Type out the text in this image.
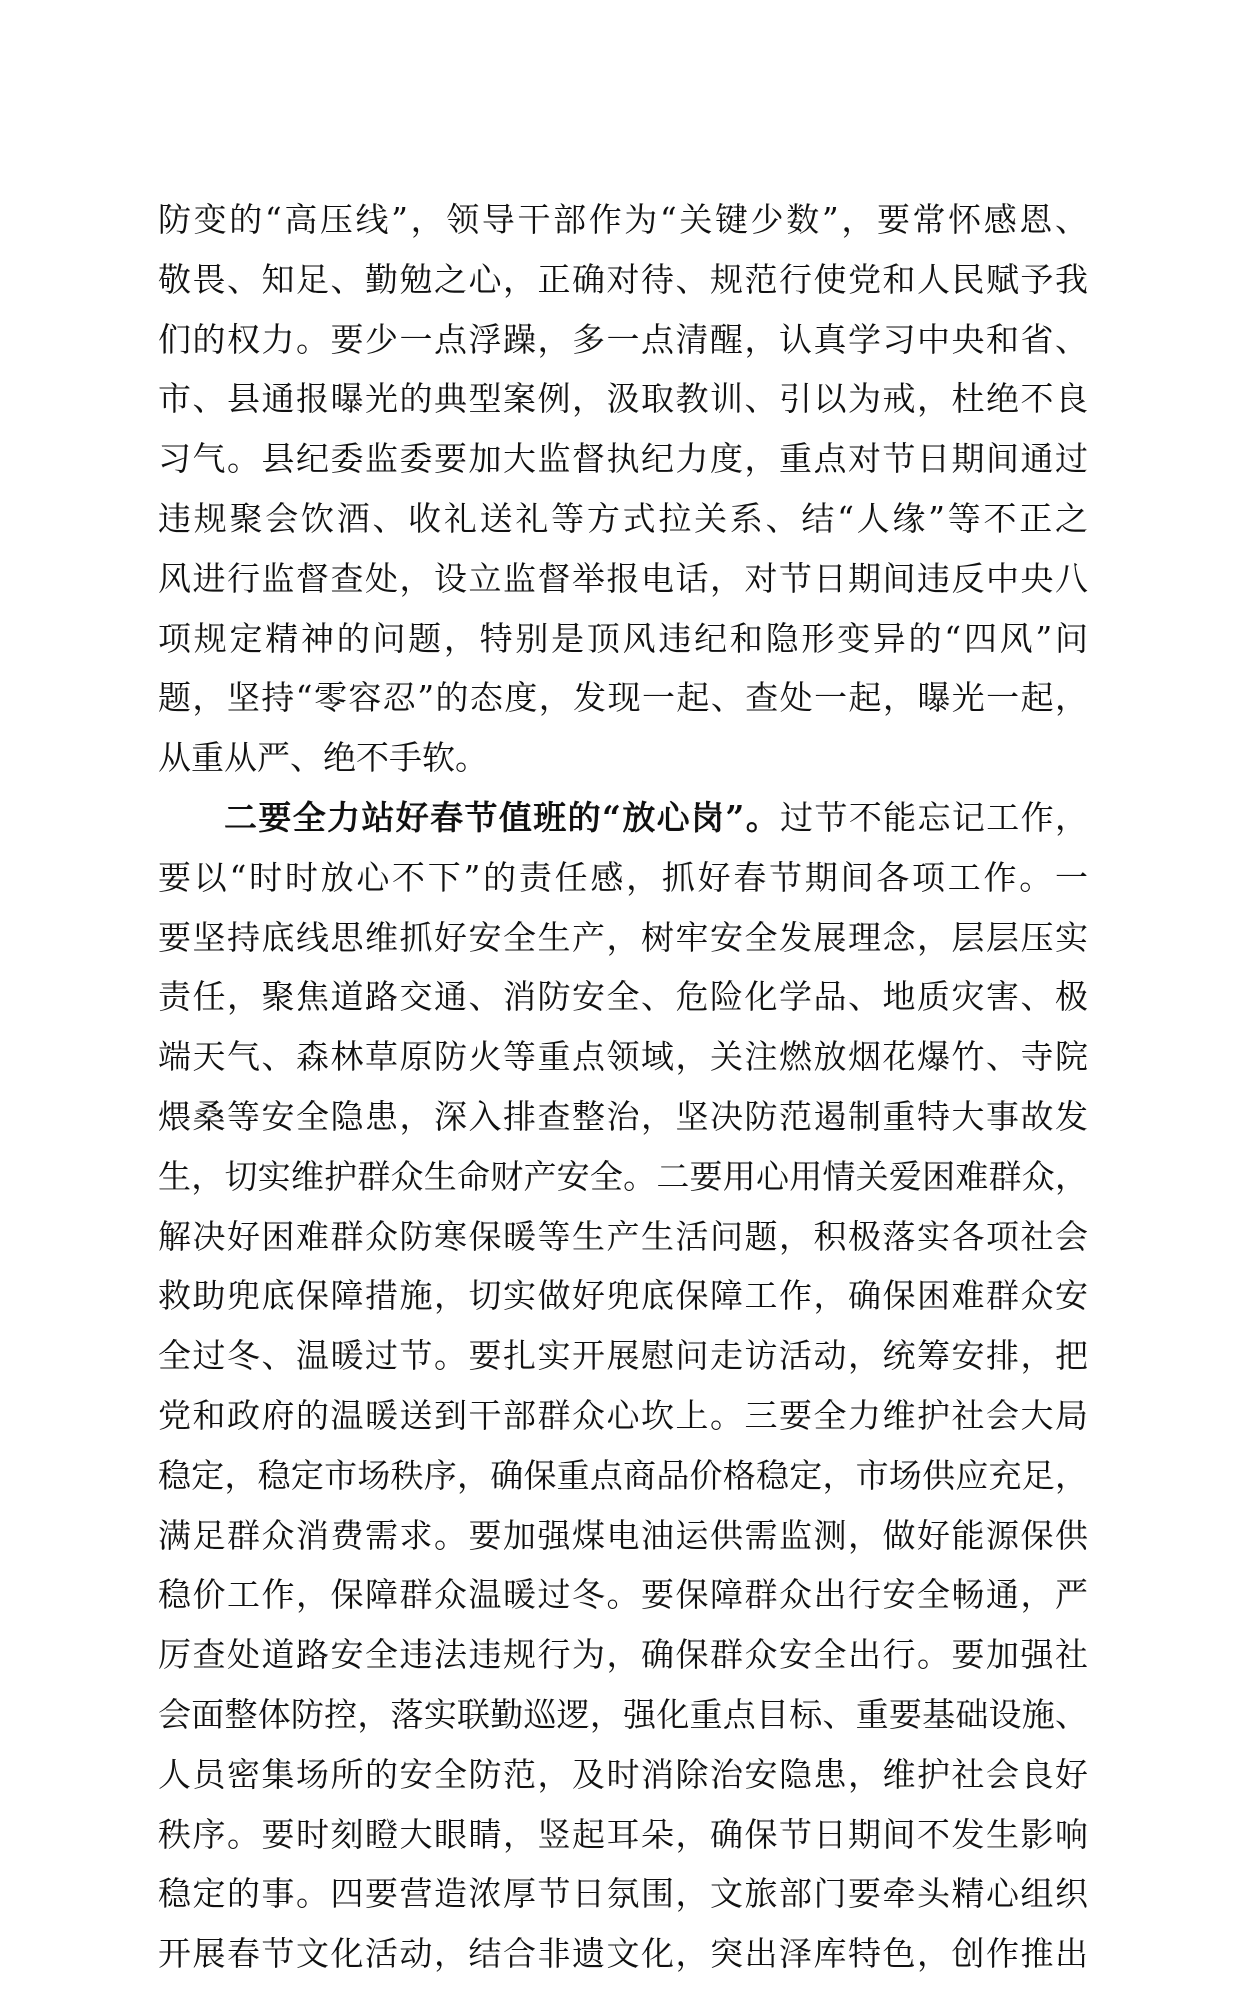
防变的“高压线”，领导干部作为“关键少数”，要常怀感恩、
敬畏、知足、勤勉之心，正确对待、规范行使党和人民赋予我
们的权力。要少一点浮躁，多一点清醒，认真学习中央和省、
市、县通报曝光的典型案例，汲取教训、引以为戒，杜绝不良
习气。县纪委监委要加大监督执纪力度，重点对节日期间通过
违规聚会饮酒、收礼送礼等方式拉关系、结“人缘”等不正之
风进行监督查处，设立监督举报电话，对节日期间违反中央八
项规定精神的问题，特别是顶风违纪和隐形变异的“四风”问
题，坚持“零容忍”的态度，发现一起、查处一起，曝光一起，
从重从严、绝不手软。
二要全力站好春节值班的“放心岗”。过节不能忘记工作，
要以“时时放心不下”的责任感，抓好春节期间各项工作。一
要坚持底线思维抓好安全生产，树牢安全发展理念，层层压实
责任，聚焦道路交通、消防安全、危险化学品、地质灾害、极
端天气、森林草原防火等重点领域，关注燃放烟花爆竹、寺院
煨桑等安全隐患，深入排查整治，坚决防范遏制重特大事故发
生，切实维护群众生命财产安全。二要用心用情关爱困难群众，
解决好困难群众防寒保暖等生产生活问题，积极落实各项社会
救助兜底保障措施，切实做好兜底保障工作，确保困难群众安
全过冬、温暖过节。要扎实开展慰问走访活动，统筹安排，把
党和政府的温暖送到干部群众心坎上。三要全力维护社会大局
稳定，稳定市场秩序，确保重点商品价格稳定，市场供应充足，
满足群众消费需求。要加强煤电油运供需监测，做好能源保供
稳价工作，保障群众温暖过冬。要保障群众出行安全畅通，严
厉查处道路安全违法违规行为，确保群众安全出行。要加强社
会面整体防控，落实联勤巡逻，强化重点目标、重要基础设施、
人员密集场所的安全防范，及时消除治安隐患，维护社会良好
秩序。要时刻瞪大眼睛，竖起耳朵，确保节日期间不发生影响
稳定的事。四要营造浓厚节日氛围，文旅部门要牵头精心组织
开展春节文化活动，结合非遗文化，突出泽库特色，创作推出
